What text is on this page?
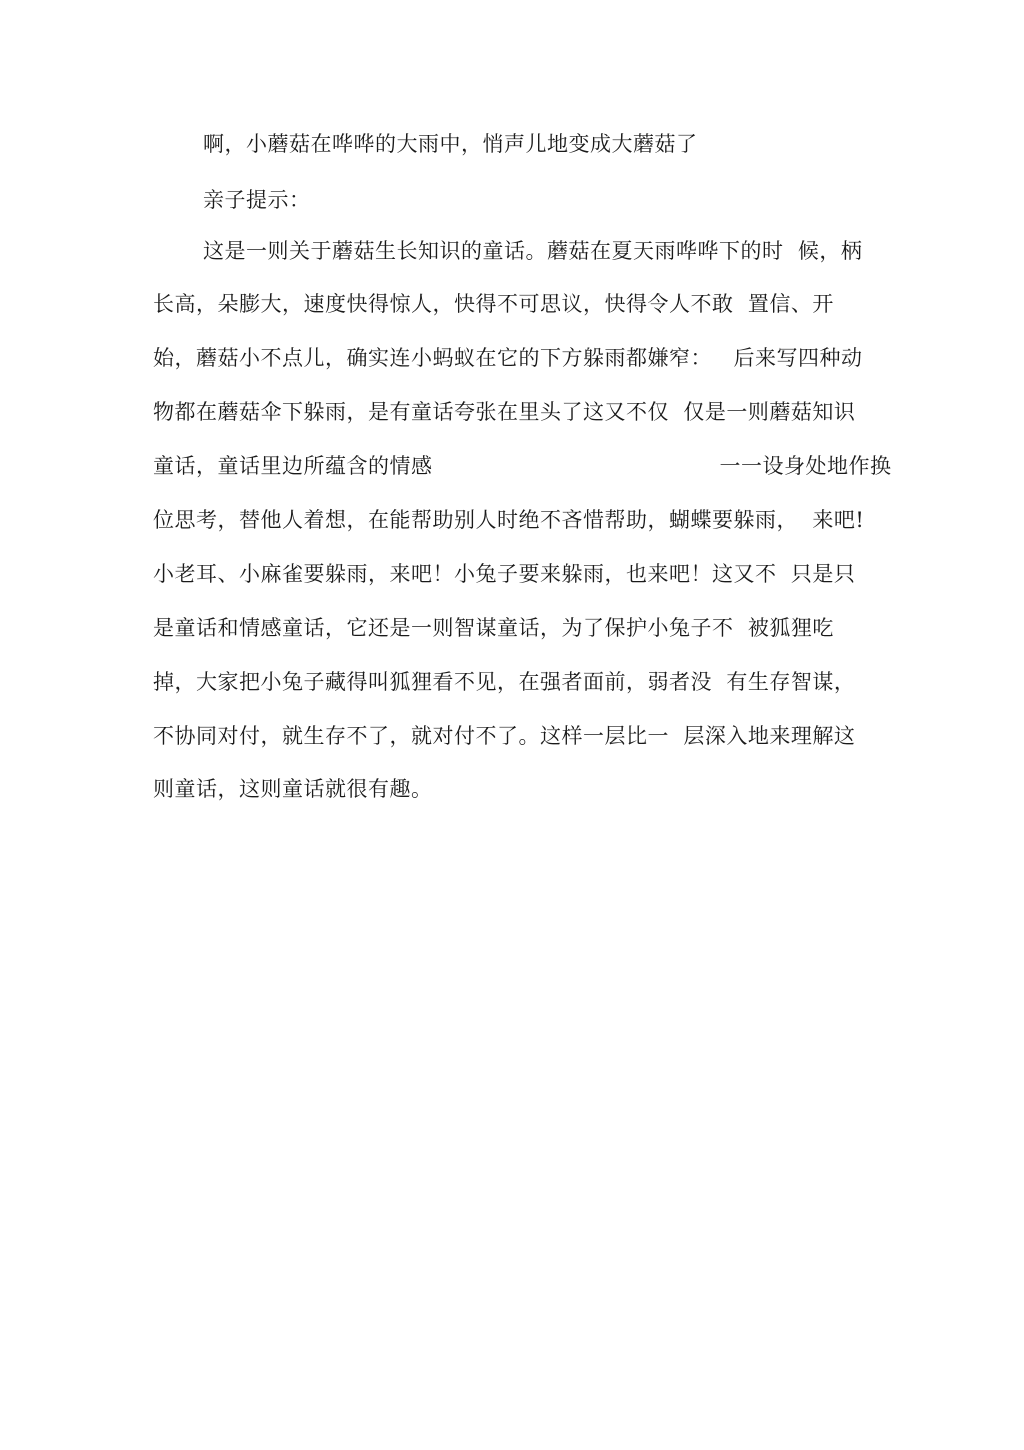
啊，小蘑菇在哗哗的大雨中，悄声儿地变成大蘑菇了
亲子提示：
这是一则关于蘑菇生长知识的童话。蘑菇在夏天雨哗哗下的时  候，柄
长高，朵膨大，速度快得惊人，快得不可思议，快得令人不敢  置信、开
始，蘑菇小不点儿，确实连小蚂蚁在它的下方躲雨都嫌窄：   后来写四种动
物都在蘑菇伞下躲雨，是有童话夸张在里头了这又不仅  仅是一则蘑菇知识
童话，童话里边所蕴含的情感                                        一一设身处地作换
位思考，替他人着想，在能帮助别人时绝不吝惜帮助，蝴蝶要躲雨，  来吧!
小老耳、小麻雀要躲雨，来吧！小兔子要来躲雨，也来吧！这又不  只是只
是童话和情感童话，它还是一则智谋童话，为了保护小兔子不  被狐狸吃
掉，大家把小兔子藏得叫狐狸看不见，在强者面前，弱者没  有生存智谋，
不协同对付，就生存不了，就对付不了。这样一层比一  层深入地来理解这
则童话，这则童话就很有趣。
